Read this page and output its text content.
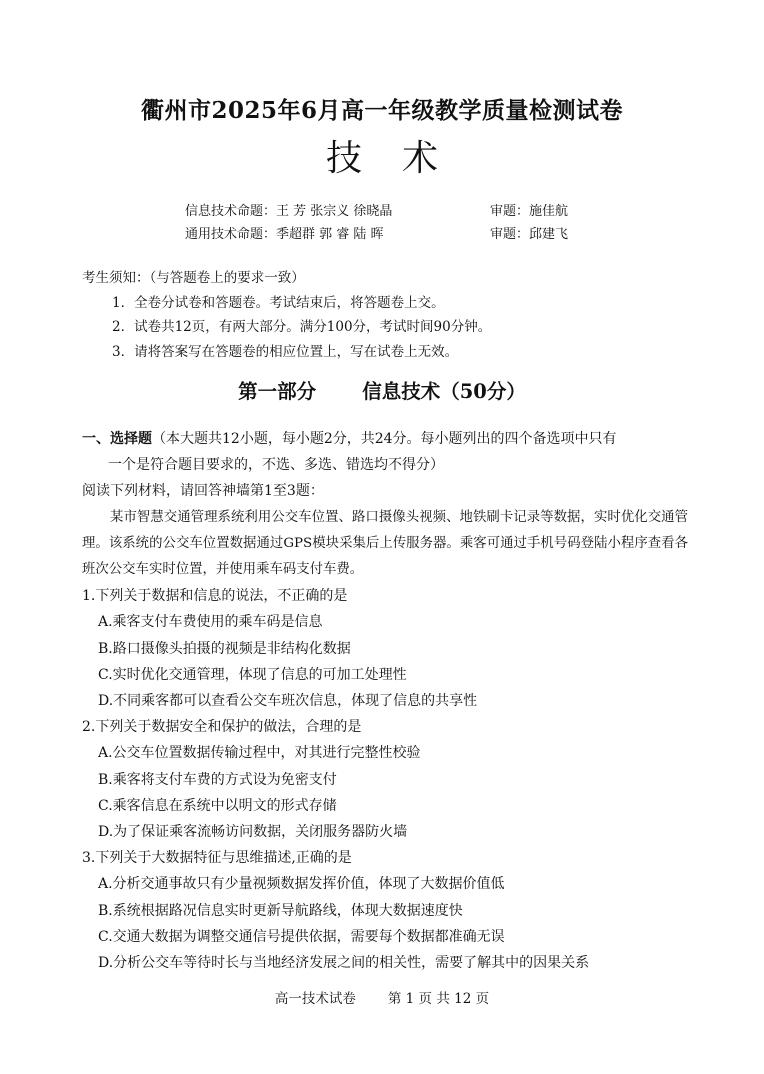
衢州市2025年6月高一年级教学质量检测试卷
技术
信息技术命题：王 芳 张宗义 徐晓晶	审题：施佳航
通用技术命题：季超群 郭 睿 陆 晖	审题：邱建飞
考生须知：（与答题卷上的要求一致）
1．全卷分试卷和答题卷。考试结束后，将答题卷上交。
2．试卷共12页，有两大部分。满分100分，考试时间90分钟。
3．请将答案写在答题卷的相应位置上，写在试卷上无效。
第一部分 信息技术（50分）
一、选择题（本大题共12小题，每小题2分，共24分。每小题列出的四个备选项中只有
一个是符合题目要求的，不选、多选、错选均不得分）
阅读下列材料，请回答神墙第1至3题：
某市智慧交通管理系统利用公交车位置、路口摄像头视频、地铁刷卡记录等数据，实时优化交通管理。该系统的公交车位置数据通过GPS模块采集后上传服务器。乘客可通过手机号码登陆小程序查看各班次公交车实时位置，并使用乘车码支付车费。
1.下列关于数据和信息的说法，不正确的是
A.乘客支付车费使用的乘车码是信息
B.路口摄像头拍摄的视频是非结构化数据
C.实时优化交通管理，体现了信息的可加工处理性
D.不同乘客都可以查看公交车班次信息，体现了信息的共享性
2.下列关于数据安全和保护的做法，合理的是
A.公交车位置数据传输过程中，对其进行完整性校验
B.乘客将支付车费的方式设为免密支付
C.乘客信息在系统中以明文的形式存储
D.为了保证乘客流畅访问数据，关闭服务器防火墙
3.下列关于大数据特征与思维描述,正确的是
A.分析交通事故只有少量视频数据发挥价值，体现了大数据价值低
B.系统根据路况信息实时更新导航路线，体现大数据速度快
C.交通大数据为调整交通信号提供依据，需要每个数据都准确无误
D.分析公交车等待时长与当地经济发展之间的相关性，需要了解其中的因果关系
高一技术试卷 第 1 页 共 12 页
